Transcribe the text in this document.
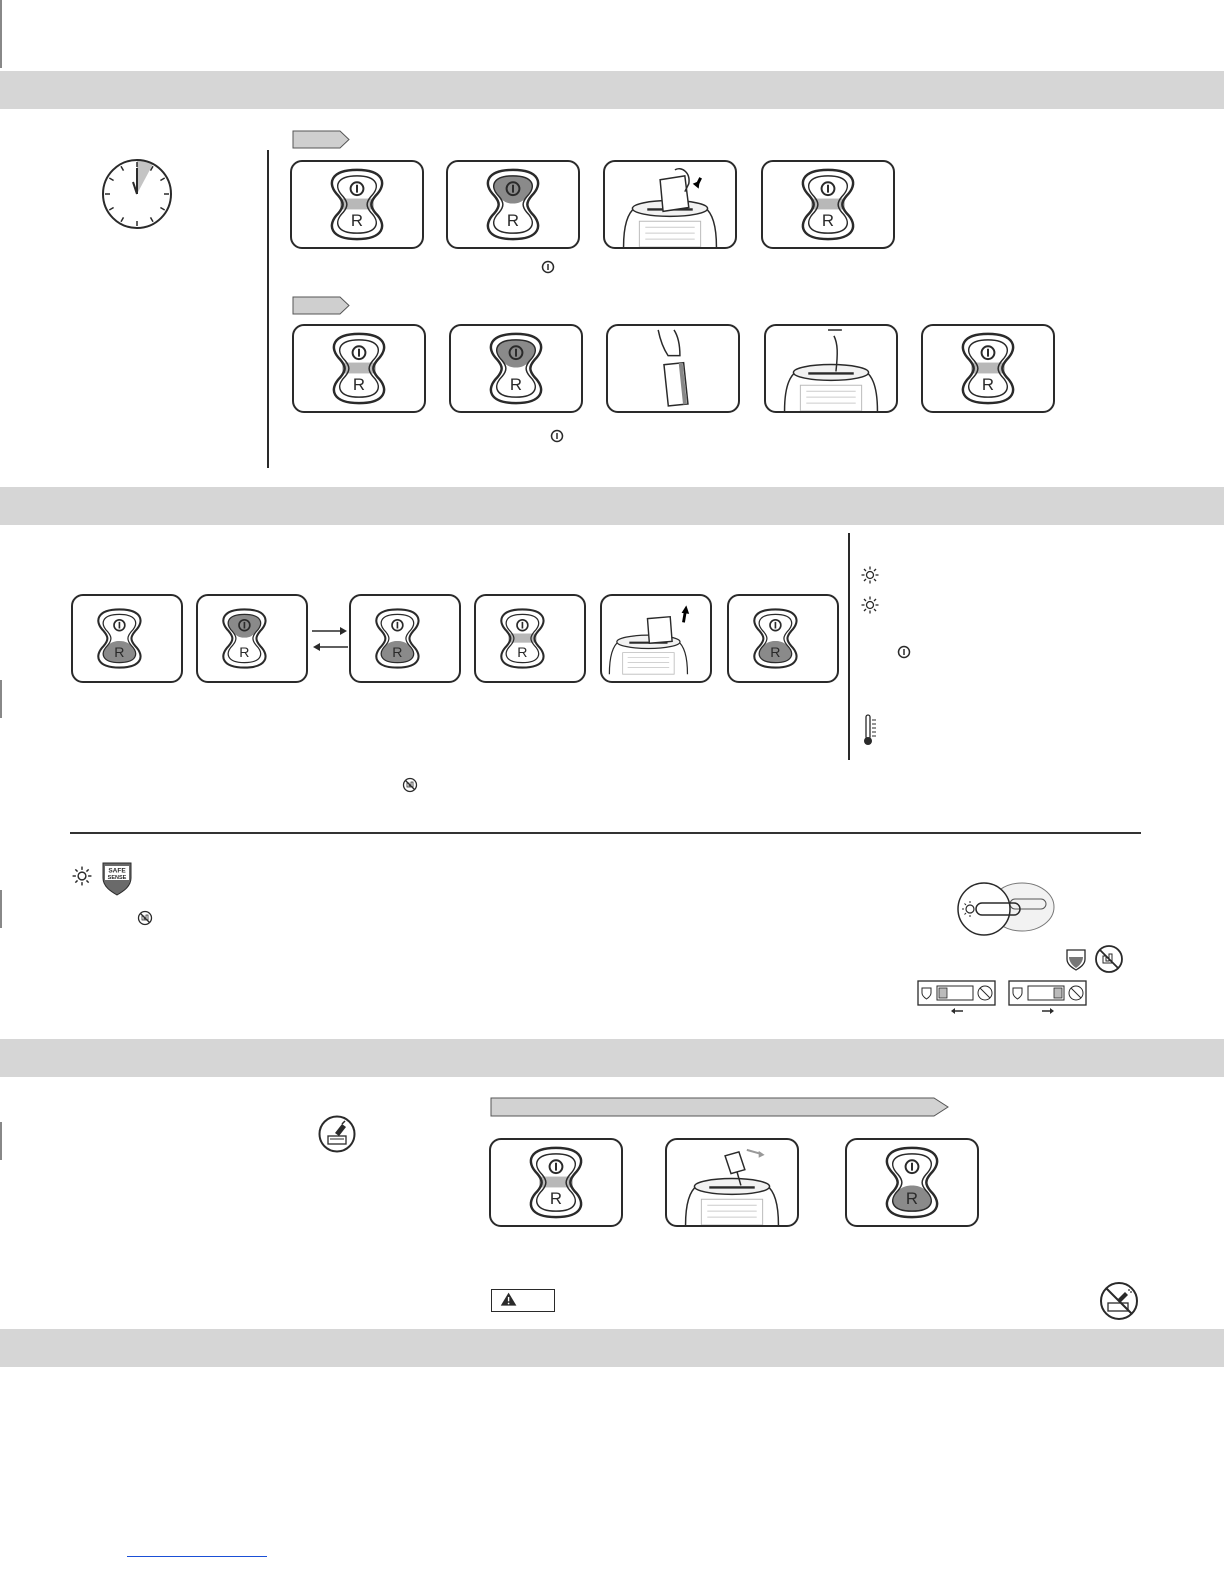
SAFE
SENSE
